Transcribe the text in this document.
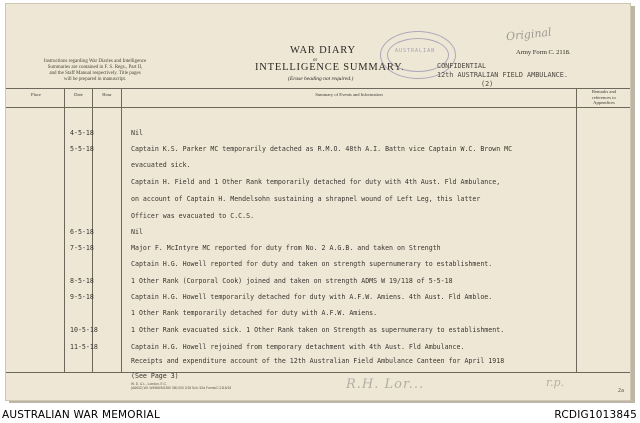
Instructions regarding War Diaries and Intelligence
Summaries are contained in F. S. Regs., Part II,
and the Staff Manual respectively. Title pages
will be prepared in manuscript.
WAR DIARY
or
INTELLIGENCE SUMMARY.
(Erase heading not required.)
AUSTRALIAN
Original
Army Form C. 2118.
CONFIDENTIAL
12th AUSTRALIAN FIELD AMBULANCE.
(2)
Place	Date	Hour	Summary of Events and Information
Remarks and
references to
Appendices
4-5-18	Nil
5-5-18	Captain K.S. Parker MC temporarily detached as R.M.O. 48th A.I. Battn vice Captain W.C. Brown MC
evacuated sick.
Captain H. Field and 1 Other Rank temporarily detached for duty with 4th Aust. Fld Ambulance,
on account of Captain H. Mendelsohn sustaining a shrapnel wound of Left Leg, this latter
Officer was evacuated to C.C.S.
6-5-18	Nil
7-5-18	Major F. McIntyre MC reported for duty from No. 2 A.G.B. and taken on Strength
Captain H.G. Howell reported for duty and taken on strength supernumerary to establishment.
8-5-18	1 Other Rank (Corporal Cook) joined and taken on strength ADMS W 19/118 of 5-5-18
9-5-18	Captain H.G. Howell temporarily detached for duty with A.F.W. Amiens. 4th Aust. Fld Ambloe.
1 Other Rank temporarily detached for duty with A.F.W. Amiens.
10-5-18	1 Other Rank evacuated sick. 1 Other Rank taken on Strength as supernumerary to establishment.
11-5-18	Captain H.G. Howell rejoined from temporary detachment with 4th Aust. Fld Ambulance.
Receipts and expenditure account of the 12th Australian Field Ambulance Canteen for April 1918
(See Page 3)
W. D. & L., London, E.C.
(A6632) Wt. W4966/M1350 350,000 2/18 Sch. 52a Forms/C.2118/15	R.H. Lor...	r.p.
2a
AUSTRALIAN WAR MEMORIAL	RCDIG1013845
